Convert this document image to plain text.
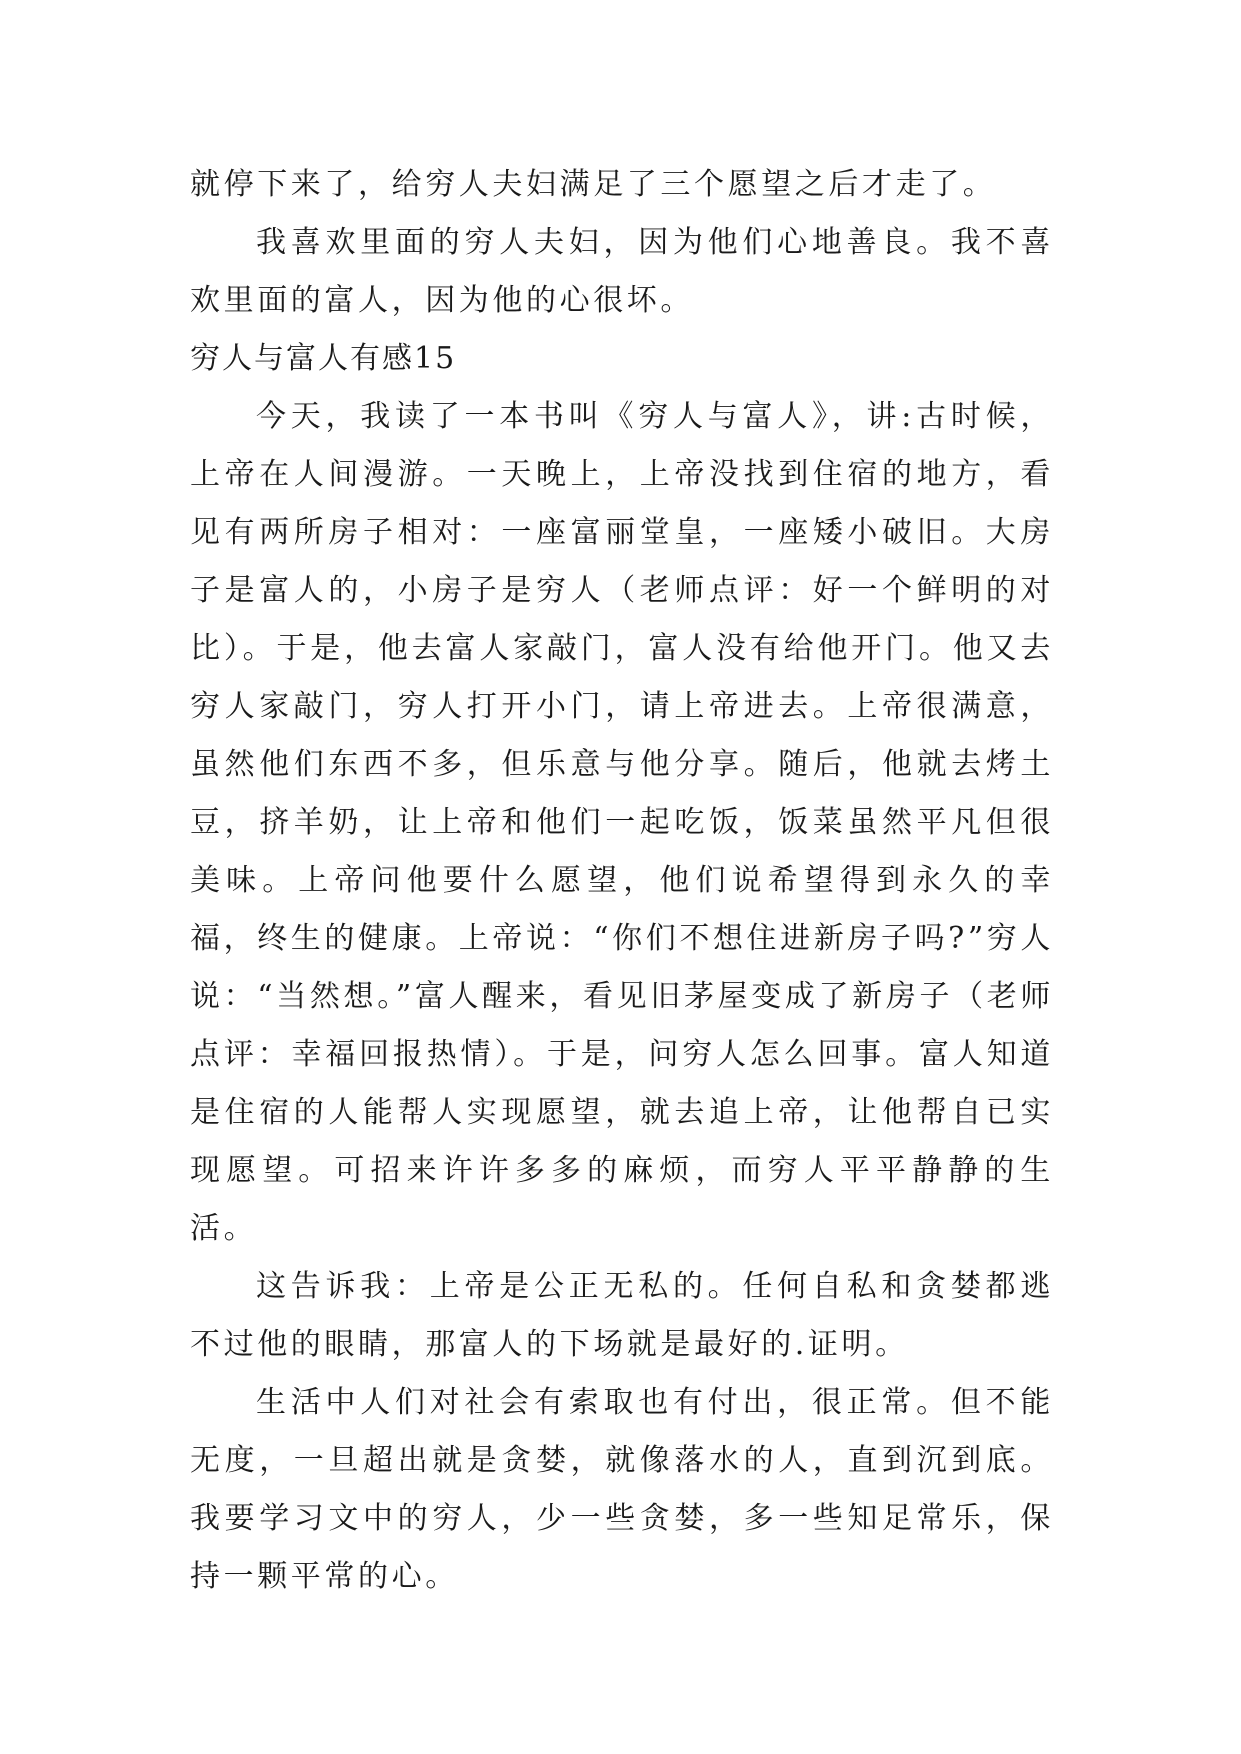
就停下来了，给穷人夫妇满足了三个愿望之后才走了。

我喜欢里面的穷人夫妇，因为他们心地善良。我不喜欢里面的富人，因为他的心很坏。

穷人与富人有感15

今天，我读了一本书叫《穷人与富人》，讲:古时候，上帝在人间漫游。一天晚上，上帝没找到住宿的地方，看见有两所房子相对：一座富丽堂皇，一座矮小破旧。大房子是富人的，小房子是穷人（老师点评：好一个鲜明的对比）。于是，他去富人家敲门，富人没有给他开门。他又去穷人家敲门，穷人打开小门，请上帝进去。上帝很满意，虽然他们东西不多，但乐意与他分享。随后，他就去烤土豆，挤羊奶，让上帝和他们一起吃饭，饭菜虽然平凡但很美味。上帝问他要什么愿望，他们说希望得到永久的幸福，终生的健康。上帝说：“你们不想住进新房子吗?”穷人说：“当然想。”富人醒来，看见旧茅屋变成了新房子（老师点评：幸福回报热情）。于是，问穷人怎么回事。富人知道是住宿的人能帮人实现愿望，就去追上帝，让他帮自已实现愿望。可招来许许多多的麻烦，而穷人平平静静的生活。

这告诉我：上帝是公正无私的。任何自私和贪婪都逃不过他的眼睛，那富人的下场就是最好的.证明。

生活中人们对社会有索取也有付出，很正常。但不能无度，一旦超出就是贪婪，就像落水的人，直到沉到底。我要学习文中的穷人，少一些贪婪，多一些知足常乐，保持一颗平常的心。
